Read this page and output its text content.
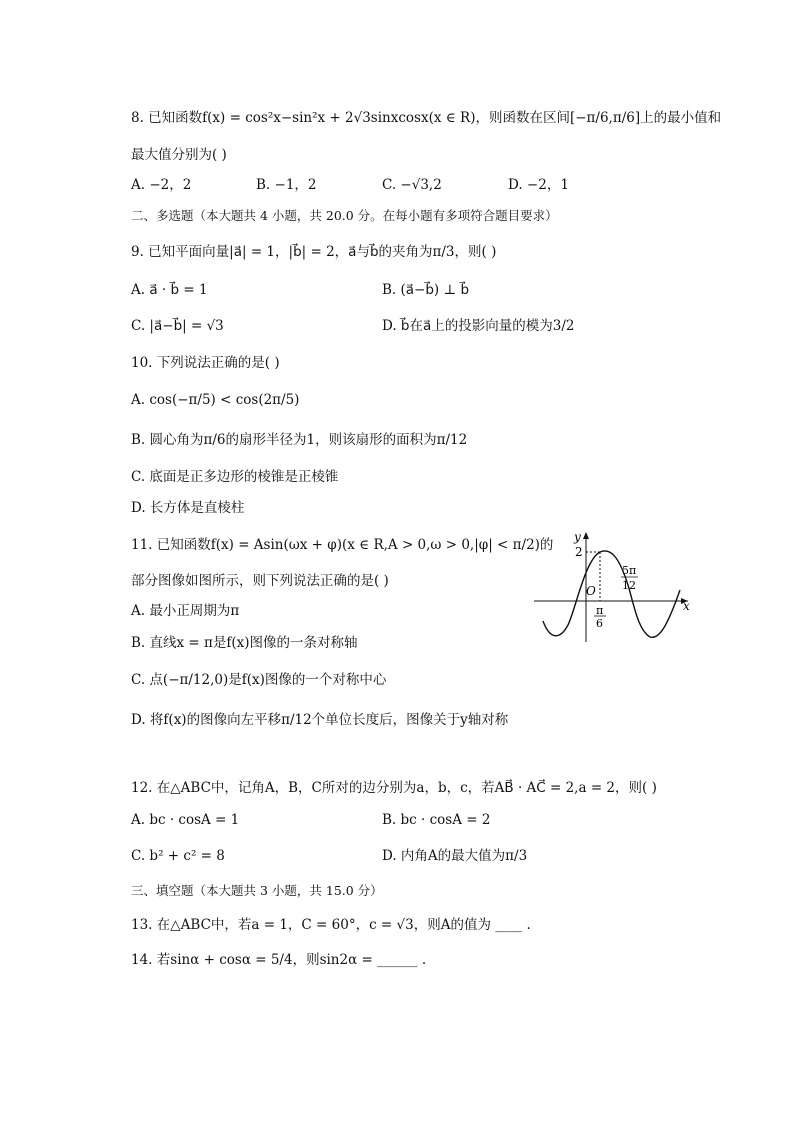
8. 已知函数f(x) = cos²x−sin²x + 2√3sinxcosx(x ∈ R)，则函数在区间[−π/6,π/6]上的最小值和
最大值分别为( )
A. −2，2	B. −1，2	C. −√3,2	D. −2，1
二、多选题（本大题共 4 小题，共 20.0 分。在每小题有多项符合题目要求）
9. 已知平面向量|a⃗| = 1，|b⃗| = 2，a⃗与b⃗的夹角为π/3，则( )
A. a⃗ · b⃗ = 1	B. (a⃗−b⃗) ⊥ b⃗
C. |a⃗−b⃗| = √3	D. b⃗在a⃗上的投影向量的模为3/2
10. 下列说法正确的是( )
A. cos(−π/5) < cos(2π/5)
B. 圆心角为π/6的扇形半径为1，则该扇形的面积为π/12
C. 底面是正多边形的棱锥是正棱锥
D. 长方体是直棱柱
11. 已知函数f(x) = Asin(ωx + φ)(x ∈ R,A > 0,ω > 0,|φ| < π/2)的
部分图像如图所示，则下列说法正确的是( )
A. 最小正周期为π
B. 直线x = π是f(x)图像的一条对称轴
C. 点(−π/12,0)是f(x)图像的一个对称中心
D. 将f(x)的图像向左平移π/12个单位长度后，图像关于y轴对称
y
x
2
O
π
6
5π
12
12. 在△ABC中，记角A，B，C所对的边分别为a，b，c，若AB⃗ · AC⃗ = 2,a = 2，则( )
A. bc · cosA = 1	B. bc · cosA = 2
C. b² + c² = 8	D. 内角A的最大值为π/3
三、填空题（本大题共 3 小题，共 15.0 分）
13. 在△ABC中，若a = 1，C = 60°，c = √3，则A的值为 ____ .
14. 若sinα + cosα = 5/4，则sin2α = ______ .
